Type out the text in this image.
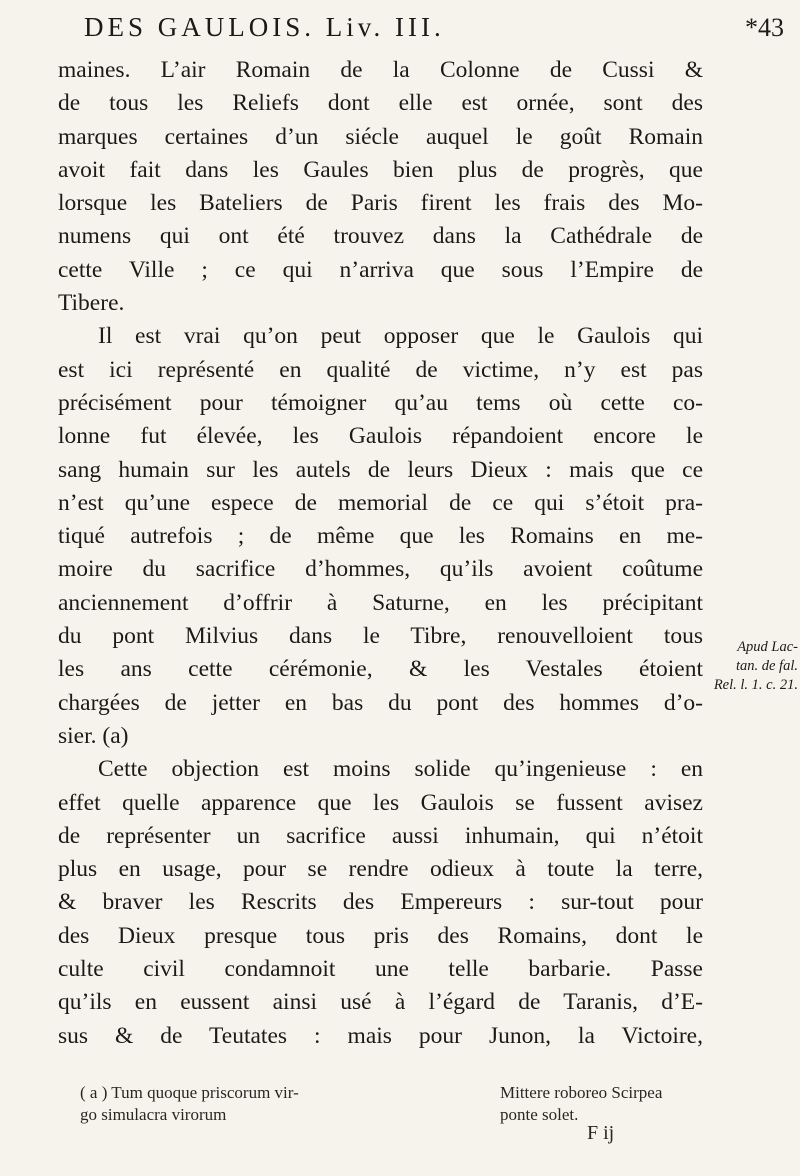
DES GAULOIS. Liv. III.	*43
maines. L’air Romain de la Colonne de Cussi &
de tous les Reliefs dont elle est ornée, sont des
marques certaines d’un siécle auquel le goût Romain
avoit fait dans les Gaules bien plus de progrès, que
lorsque les Bateliers de Paris firent les frais des Mo-
numens qui ont été trouvez dans la Cathédrale de
cette Ville ; ce qui n’arriva que sous l’Empire de
Tibere.
Il est vrai qu’on peut opposer que le Gaulois qui
est ici représenté en qualité de victime, n’y est pas
précisément pour témoigner qu’au tems où cette co-
lonne fut élevée, les Gaulois répandoient encore le
sang humain sur les autels de leurs Dieux : mais que ce
n’est qu’une espece de memorial de ce qui s’étoit pra-
tiqué autrefois ; de même que les Romains en me-
moire du sacrifice d’hommes, qu’ils avoient coûtume
anciennement d’offrir à Saturne, en les précipitant
du pont Milvius dans le Tibre, renouvelloient tous
les ans cette cérémonie, & les Vestales étoient
chargées de jetter en bas du pont des hommes d’o-
sier. (a)
Cette objection est moins solide qu’ingenieuse : en
effet quelle apparence que les Gaulois se fussent avisez
de représenter un sacrifice aussi inhumain, qui n’étoit
plus en usage, pour se rendre odieux à toute la terre,
& braver les Rescrits des Empereurs : sur-tout pour
des Dieux presque tous pris des Romains, dont le
culte civil condamnoit une telle barbarie. Passe
qu’ils en eussent ainsi usé à l’égard de Taranis, d’E-
sus & de Teutates : mais pour Junon, la Victoire,
Apud Lac-
tan. de fal.
Rel. l. 1. c. 21.
( a ) Tum quoque priscorum vir-
go simulacra virorum
Mittere roboreo Scirpea
ponte solet.
F ij
